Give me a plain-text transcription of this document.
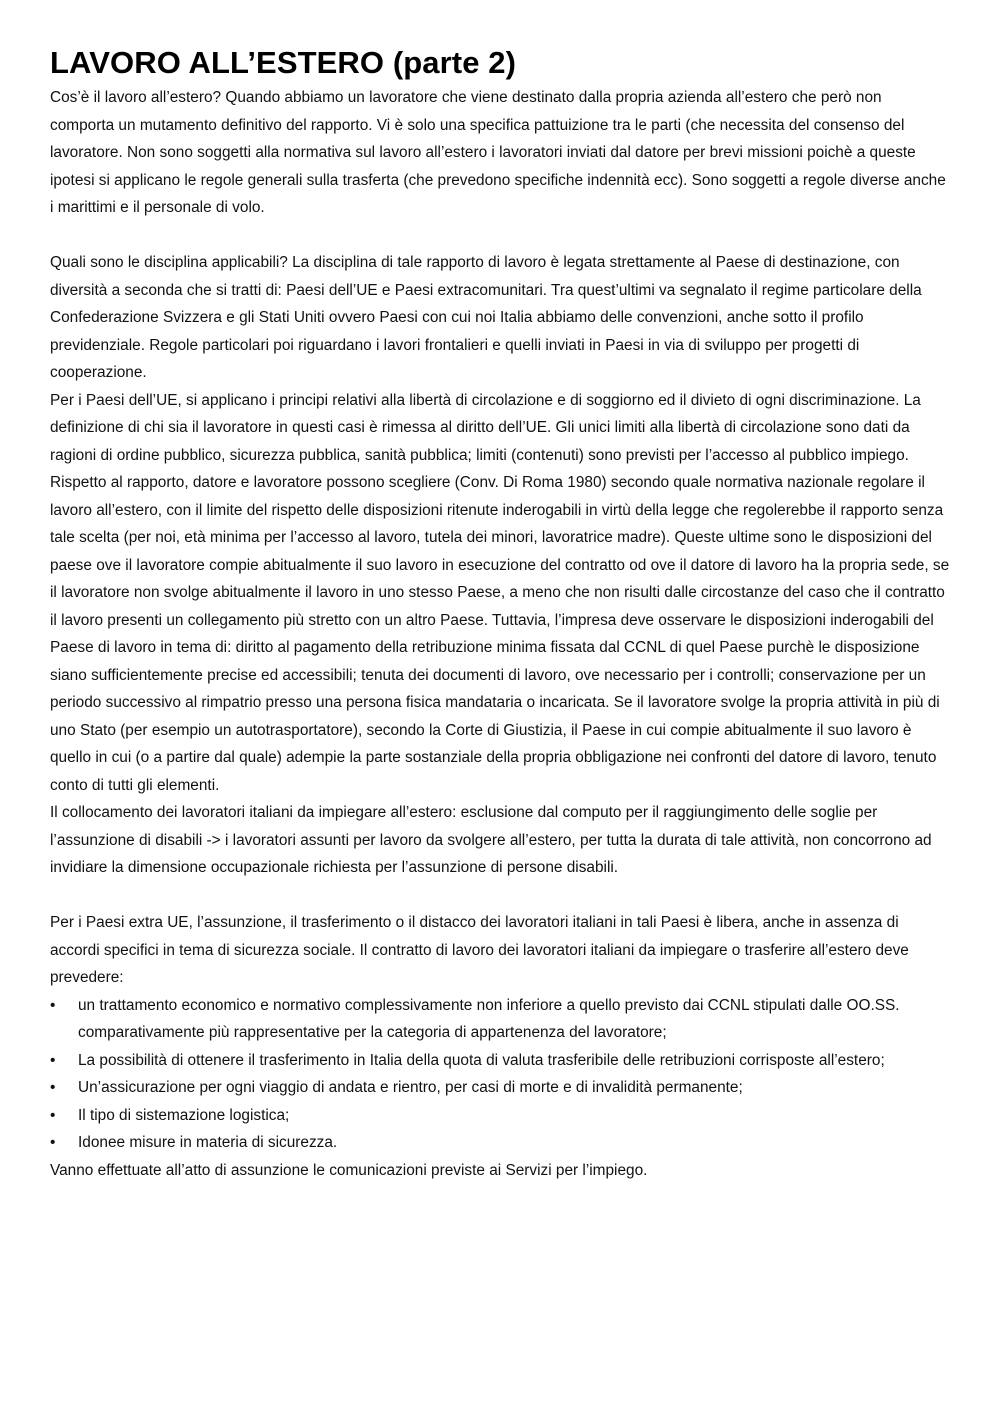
LAVORO ALL’ESTERO (parte 2)

Cos’è il lavoro all’estero? Quando abbiamo un lavoratore che viene destinato dalla propria azienda all’estero che però non comporta un mutamento definitivo del rapporto. Vi è solo una specifica pattuizione tra le parti (che necessita del consenso del lavoratore. Non sono soggetti alla normativa sul lavoro all’estero i lavoratori inviati dal datore per brevi missioni poichè a queste ipotesi si applicano le regole generali sulla trasferta (che prevedono specifiche indennità ecc). Sono soggetti a regole diverse anche i marittimi e il personale di volo.

Quali sono le disciplina applicabili? La disciplina di tale rapporto di lavoro è legata strettamente al Paese di destinazione, con diversità a seconda che si tratti di: Paesi dell’UE e Paesi extracomunitari. Tra quest’ultimi va segnalato il regime particolare della Confederazione Svizzera e gli Stati Uniti ovvero Paesi con cui noi Italia abbiamo delle convenzioni, anche sotto il profilo previdenziale. Regole particolari poi riguardano i lavori frontalieri e quelli inviati in Paesi in via di sviluppo per progetti di cooperazione.

Per i Paesi dell’UE, si applicano i principi relativi alla libertà di circolazione e di soggiorno ed il divieto di ogni discriminazione. La definizione di chi sia il lavoratore in questi casi è rimessa al diritto dell’UE. Gli unici limiti alla libertà di circolazione sono dati da ragioni di ordine pubblico, sicurezza pubblica, sanità pubblica; limiti (contenuti) sono previsti per l’accesso al pubblico impiego. Rispetto al rapporto, datore e lavoratore possono scegliere (Conv. Di Roma 1980) secondo quale normativa nazionale regolare il lavoro all’estero, con il limite del rispetto delle disposizioni ritenute inderogabili in virtù della legge che regolerebbe il rapporto senza tale scelta (per noi, età minima per l’accesso al lavoro, tutela dei minori, lavoratrice madre). Queste ultime sono le disposizioni del paese ove il lavoratore compie abitualmente il suo lavoro in esecuzione del contratto od ove il datore di lavoro ha la propria sede, se il lavoratore non svolge abitualmente il lavoro in uno stesso Paese, a meno che non risulti dalle circostanze del caso che il contratto il lavoro presenti un collegamento più stretto con un altro Paese. Tuttavia, l’impresa deve osservare le disposizioni inderogabili del Paese di lavoro in tema di: diritto al pagamento della retribuzione minima fissata dal CCNL di quel Paese purchè le disposizione siano sufficientemente precise ed accessibili; tenuta dei documenti di lavoro, ove necessario per i controlli; conservazione per un periodo successivo al rimpatrio presso una persona fisica mandataria o incaricata. Se il lavoratore svolge la propria attività in più di uno Stato (per esempio un autotrasportatore), secondo la Corte di Giustizia, il Paese in cui compie abitualmente il suo lavoro è quello in cui (o a partire dal quale) adempie la parte sostanziale della propria obbligazione nei confronti del datore di lavoro, tenuto conto di tutti gli elementi.

Il collocamento dei lavoratori italiani da impiegare all’estero: esclusione dal computo per il raggiungimento delle soglie per l’assunzione di disabili -> i lavoratori assunti per lavoro da svolgere all’estero, per tutta la durata di tale attività, non concorrono ad invidiare la dimensione occupazionale richiesta per l’assunzione di persone disabili.

Per i Paesi extra UE, l’assunzione, il trasferimento o il distacco dei lavoratori italiani in tali Paesi è libera, anche in assenza di accordi specifici in tema di sicurezza sociale. Il contratto di lavoro dei lavoratori italiani da impiegare o trasferire all’estero deve prevedere:

•	un trattamento economico e normativo complessivamente non inferiore a quello previsto dai CCNL stipulati dalle OO.SS. comparativamente più rappresentative per la categoria di appartenenza del lavoratore;
•	La possibilità di ottenere il trasferimento in Italia della quota di valuta trasferibile delle retribuzioni corrisposte all’estero;
•	Un’assicurazione per ogni viaggio di andata e rientro, per casi di morte e di invalidità permanente;
•	Il tipo di sistemazione logistica;
•	Idonee misure in materia di sicurezza.

Vanno effettuate all’atto di assunzione le comunicazioni previste ai Servizi per l’impiego.
